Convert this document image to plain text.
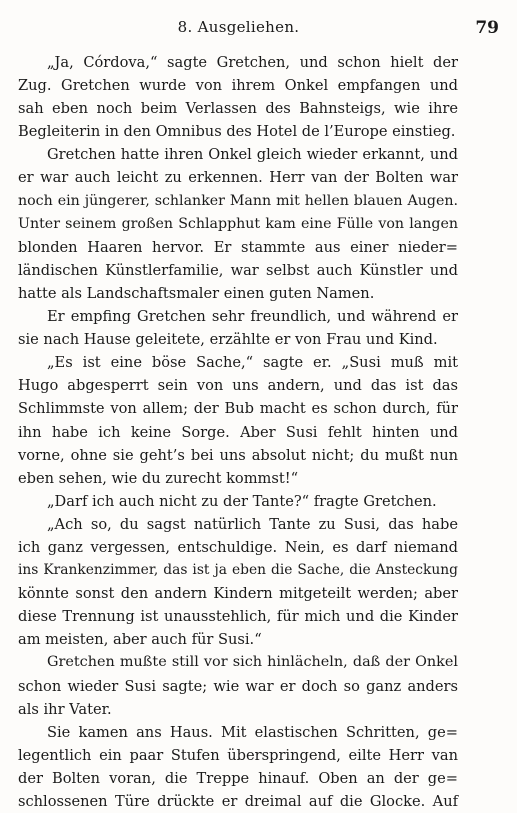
8. Ausgeliehen.	79
„Ja, Córdova,“ sagte Gretchen, und schon hielt der
Zug. Gretchen wurde von ihrem Onkel empfangen und
sah eben noch beim Verlassen des Bahnsteigs, wie ihre
Begleiterin in den Omnibus des Hotel de l’Europe einstieg.
Gretchen hatte ihren Onkel gleich wieder erkannt, und
er war auch leicht zu erkennen. Herr van der Bolten war
noch ein jüngerer, schlanker Mann mit hellen blauen Augen.
Unter seinem großen Schlapphut kam eine Fülle von langen
blonden Haaren hervor. Er stammte aus einer nieder=
ländischen Künstlerfamilie, war selbst auch Künstler und
hatte als Landschaftsmaler einen guten Namen.
Er empfing Gretchen sehr freundlich, und während er
sie nach Hause geleitete, erzählte er von Frau und Kind.
„Es ist eine böse Sache,“ sagte er. „Susi muß mit
Hugo abgesperrt sein von uns andern, und das ist das
Schlimmste von allem; der Bub macht es schon durch, für
ihn habe ich keine Sorge. Aber Susi fehlt hinten und
vorne, ohne sie geht’s bei uns absolut nicht; du mußt nun
eben sehen, wie du zurecht kommst!“
„Darf ich auch nicht zu der Tante?“ fragte Gretchen.
„Ach so, du sagst natürlich Tante zu Susi, das habe
ich ganz vergessen, entschuldige. Nein, es darf niemand
ins Krankenzimmer, das ist ja eben die Sache, die Ansteckung
könnte sonst den andern Kindern mitgeteilt werden; aber
diese Trennung ist unausstehlich, für mich und die Kinder
am meisten, aber auch für Susi.“
Gretchen mußte still vor sich hinlächeln, daß der Onkel
schon wieder Susi sagte; wie war er doch so ganz anders
als ihr Vater.
Sie kamen ans Haus. Mit elastischen Schritten, ge=
legentlich ein paar Stufen überspringend, eilte Herr van
der Bolten voran, die Treppe hinauf. Oben an der ge=
schlossenen Türe drückte er dreimal auf die Glocke. Auf
